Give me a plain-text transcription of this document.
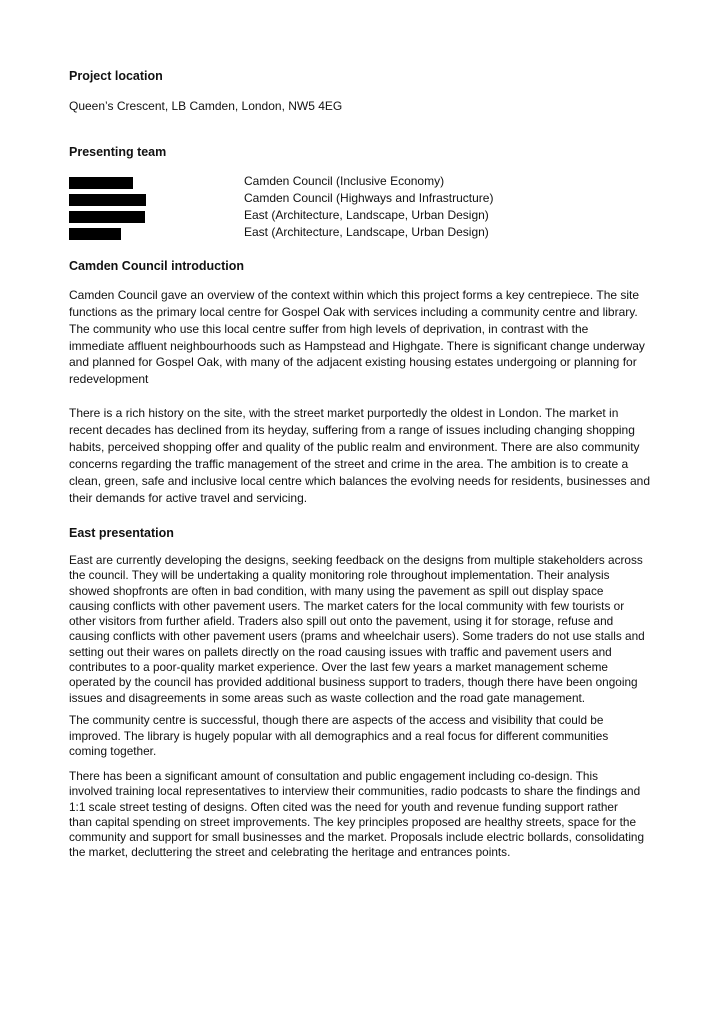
Project location

Queen’s Crescent, LB Camden, London, NW5 4EG

Presenting team
Camden Council (Inclusive Economy)
Camden Council (Highways and Infrastructure)
East (Architecture, Landscape, Urban Design)
East (Architecture, Landscape, Urban Design)
Camden Council introduction
Camden Council gave an overview of the context within which this project forms a key centrepiece. The site
functions as the primary local centre for Gospel Oak with services including a community centre and library.
The community who use this local centre suffer from high levels of deprivation, in contrast with the
immediate affluent neighbourhoods such as Hampstead and Highgate. There is significant change underway
and planned for Gospel Oak, with many of the adjacent existing housing estates undergoing or planning for
redevelopment
There is a rich history on the site, with the street market purportedly the oldest in London. The market in
recent decades has declined from its heyday, suffering from a range of issues including changing shopping
habits, perceived shopping offer and quality of the public realm and environment. There are also community
concerns regarding the traffic management of the street and crime in the area. The ambition is to create a
clean, green, safe and inclusive local centre which balances the evolving needs for residents, businesses and
their demands for active travel and servicing.
East presentation
East are currently developing the designs, seeking feedback on the designs from multiple stakeholders across
the council. They will be undertaking a quality monitoring role throughout implementation. Their analysis
showed shopfronts are often in bad condition, with many using the pavement as spill out display space
causing conflicts with other pavement users. The market caters for the local community with few tourists or
other visitors from further afield. Traders also spill out onto the pavement, using it for storage, refuse and
causing conflicts with other pavement users (prams and wheelchair users). Some traders do not use stalls and
setting out their wares on pallets directly on the road causing issues with traffic and pavement users and
contributes to a poor-quality market experience. Over the last few years a market management scheme
operated by the council has provided additional business support to traders, though there have been ongoing
issues and disagreements in some areas such as waste collection and the road gate management.
The community centre is successful, though there are aspects of the access and visibility that could be
improved. The library is hugely popular with all demographics and a real focus for different communities
coming together.
There has been a significant amount of consultation and public engagement including co-design. This
involved training local representatives to interview their communities, radio podcasts to share the findings and
1:1 scale street testing of designs. Often cited was the need for youth and revenue funding support rather
than capital spending on street improvements. The key principles proposed are healthy streets, space for the
community and support for small businesses and the market. Proposals include electric bollards, consolidating
the market, decluttering the street and celebrating the heritage and entrances points.
